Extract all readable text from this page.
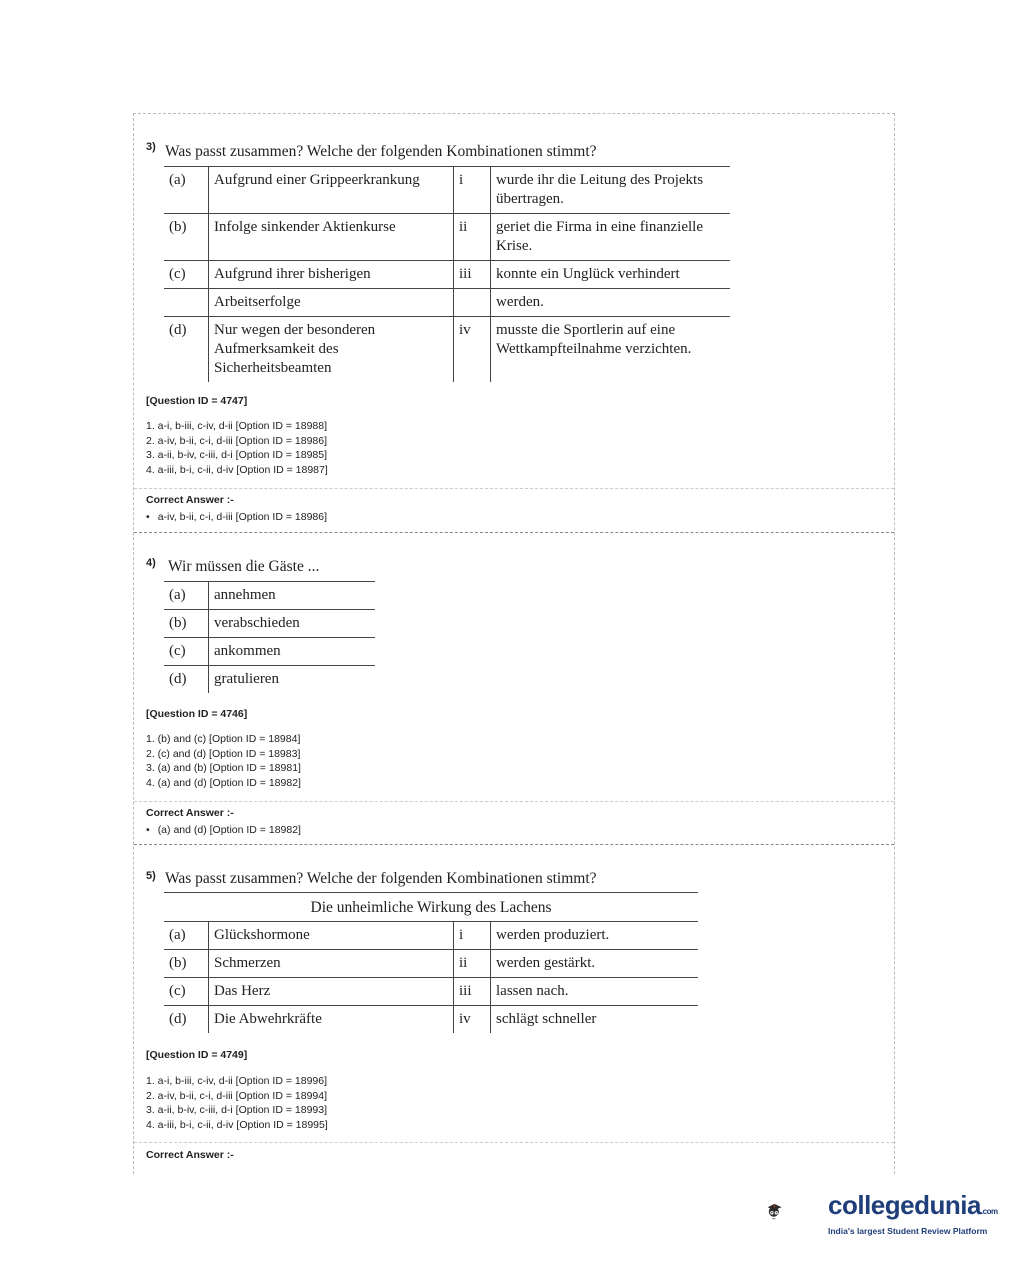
3) Was passt zusammen? Welche der folgenden Kombinationen stimmt?
(a)	Aufgrund einer Grippeerkrankung	i	wurde ihr die Leitung des Projekts übertragen.
(b)	Infolge sinkender Aktienkurse	ii	geriet die Firma in eine finanzielle Krise.
(c)	Aufgrund ihrer bisherigen	iii	konnte ein Unglück verhindert
	Arbeitserfolge		werden.
(d)	Nur wegen der besonderen Aufmerksamkeit des Sicherheitsbeamten	iv	musste die Sportlerin auf eine Wettkampfteilnahme verzichten.
[Question ID = 4747]
1. a-i, b-iii, c-iv, d-ii [Option ID = 18988]
2. a-iv, b-ii, c-i, d-iii [Option ID = 18986]
3. a-ii, b-iv, c-iii, d-i [Option ID = 18985]
4. a-iii, b-i, c-ii, d-iv [Option ID = 18987]
Correct Answer :-
• a-iv, b-ii, c-i, d-iii [Option ID = 18986]
4) Wir müssen die Gäste ...
(a)	annehmen
(b)	verabschieden
(c)	ankommen
(d)	gratulieren
[Question ID = 4746]
1. (b) and (c) [Option ID = 18984]
2. (c) and (d) [Option ID = 18983]
3. (a) and (b) [Option ID = 18981]
4. (a) and (d) [Option ID = 18982]
Correct Answer :-
• (a) and (d) [Option ID = 18982]
5) Was passt zusammen? Welche der folgenden Kombinationen stimmt?
Die unheimliche Wirkung des Lachens
(a)	Glückshormone	i	werden produziert.
(b)	Schmerzen	ii	werden gestärkt.
(c)	Das Herz	iii	lassen nach.
(d)	Die Abwehrkräfte	iv	schlägt schneller
[Question ID = 4749]
1. a-i, b-iii, c-iv, d-ii [Option ID = 18996]
2. a-iv, b-ii, c-i, d-iii [Option ID = 18994]
3. a-ii, b-iv, c-iii, d-i [Option ID = 18993]
4. a-iii, b-i, c-ii, d-iv [Option ID = 18995]
Correct Answer :-
collegedunia.com
India's largest Student Review Platform
